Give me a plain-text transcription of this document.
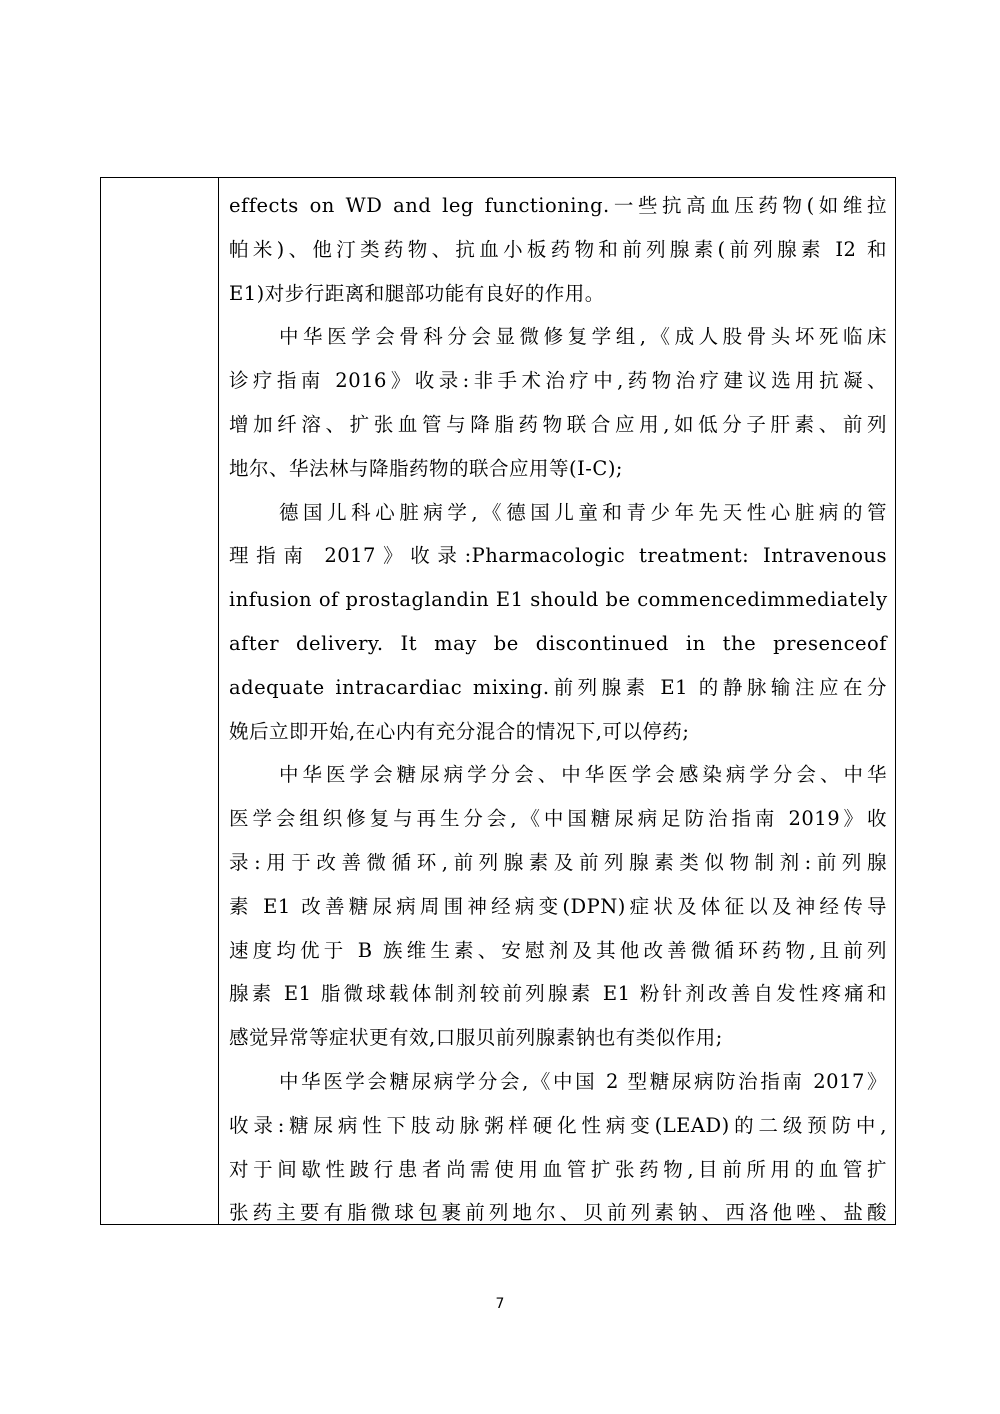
effects on WD and leg functioning.一些抗高血压药物(如维拉
帕米)、他汀类药物、抗血小板药物和前列腺素(前列腺素 I2 和
E1)对步行距离和腿部功能有良好的作用。
中华医学会骨科分会显微修复学组,《成人股骨头坏死临床
诊疗指南 2016》收录:非手术治疗中,药物治疗建议选用抗凝、
增加纤溶、扩张血管与降脂药物联合应用,如低分子肝素、前列
地尔、华法林与降脂药物的联合应用等(I-C);
德国儿科心脏病学,《德国儿童和青少年先天性心脏病的管
理指南 2017》收录:Pharmacologic treatment: Intravenous
infusion of prostaglandin E1 should be commencedimmediately
after delivery. It may be discontinued in the presenceof
adequate intracardiac mixing.前列腺素 E1 的静脉输注应在分
娩后立即开始,在心内有充分混合的情况下,可以停药;
中华医学会糖尿病学分会、中华医学会感染病学分会、中华
医学会组织修复与再生分会,《中国糖尿病足防治指南 2019》收
录:用于改善微循环,前列腺素及前列腺素类似物制剂:前列腺
素 E1 改善糖尿病周围神经病变(DPN)症状及体征以及神经传导
速度均优于 B 族维生素、安慰剂及其他改善微循环药物,且前列
腺素 E1 脂微球载体制剂较前列腺素 E1 粉针剂改善自发性疼痛和
感觉异常等症状更有效,口服贝前列腺素钠也有类似作用;
中华医学会糖尿病学分会,《中国 2 型糖尿病防治指南 2017》
收录:糖尿病性下肢动脉粥样硬化性病变(LEAD)的二级预防中,
对于间歇性跛行患者尚需使用血管扩张药物,目前所用的血管扩
张药主要有脂微球包裹前列地尔、贝前列素钠、西洛他唑、盐酸
7
